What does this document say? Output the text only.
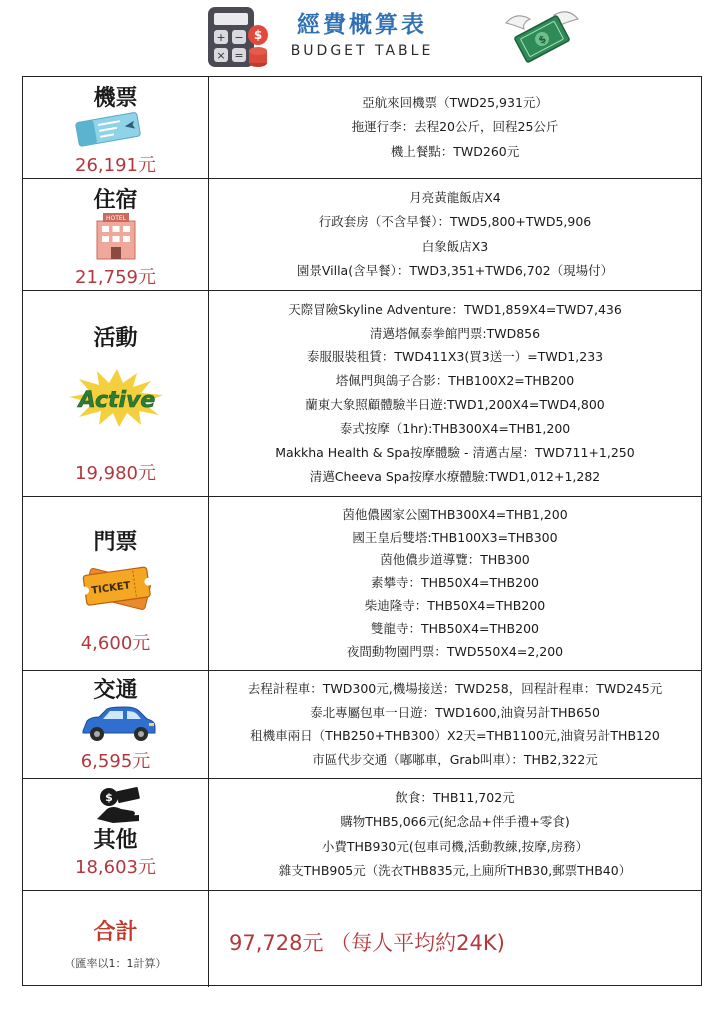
+ −
× =
$	經費概算表
BUDGET TABLE
$
機票
26,191元
亞航來回機票（TWD25,931元）
拖運行李：去程20公斤，回程25公斤
機上餐點：TWD260元
住宿
HOTEL
21,759元
月亮黃龍飯店X4
行政套房（不含早餐）：TWD5,800+TWD5,906
白象飯店X3
園景Villa(含早餐）：TWD3,351+TWD6,702（現場付）
活動
Active
19,980元
天際冒險Skyline Adventure：TWD1,859X4=TWD7,436
清邁塔佩泰拳館門票:TWD856
泰服服裝租賃：TWD411X3(買3送一）=TWD1,233
塔佩門與鴿子合影：THB100X2=THB200
蘭東大象照顧體驗半日遊:TWD1,200X4=TWD4,800
泰式按摩（1hr):THB300X4=THB1,200
Makkha Health & Spa按摩體驗 - 清邁古屋：TWD711+1,250
清邁Cheeva Spa按摩水療體驗:TWD1,012+1,282
門票
TICKET
4,600元
茵他儂國家公園THB300X4=THB1,200
國王皇后雙塔:THB100X3=THB300
茵他儂步道導覽：THB300
素攀寺：THB50X4=THB200
柴迪隆寺：THB50X4=THB200
雙龍寺：THB50X4=THB200
夜間動物園門票：TWD550X4=2,200
交通
6,595元
去程計程車：TWD300元,機場接送：TWD258，回程計程車：TWD245元
泰北專屬包車一日遊：TWD1600,油資另計THB650
租機車兩日（THB250+THB300）X2天=THB1100元,油資另計THB120
市區代步交通（嘟嘟車，Grab叫車）：THB2,322元
$
其他
18,603元
飲食：THB11,702元
購物THB5,066元(紀念品+伴手禮+零食)
小費THB930元(包車司機,活動教練,按摩,房務）
雜支THB905元（洗衣THB835元,上廁所THB30,郵票THB40）
合計
（匯率以1：1計算）
97,728元 （每人平均約24K)
